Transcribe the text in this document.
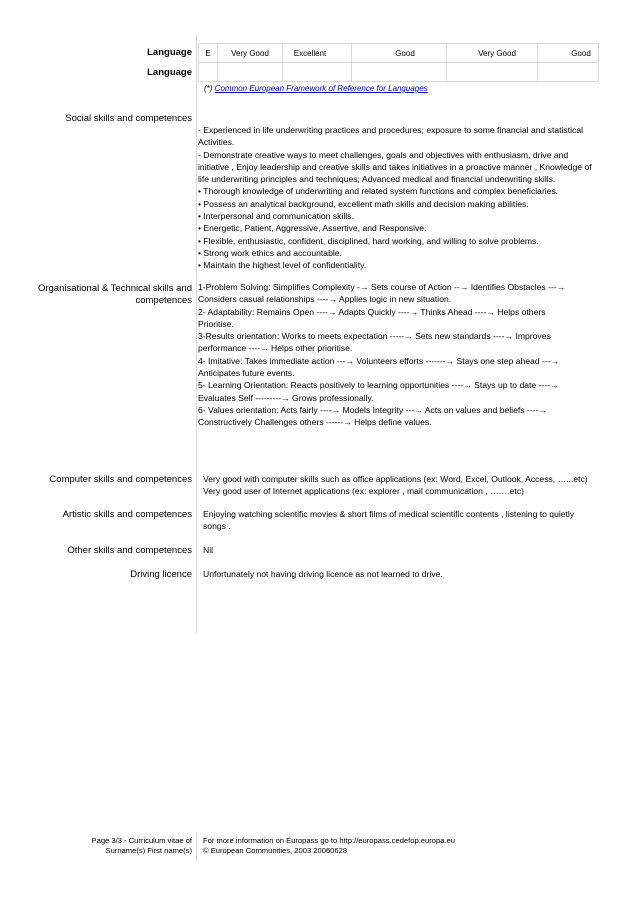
Language
Language
E	Very Good	Excellent			Good			Very Good			Good

(*) Common European Framework of Reference for Languages
Social skills and competences
- Experienced in life underwriting practices and procedures; exposure to some financial and statistical
Activities.
- Demonstrate creative ways to meet challenges, goals and objectives with enthusiasm, drive and
initiative , Enjoy leadership and creative skills and takes initiatives in a proactive manner , Knowledge of
life underwriting principles and techniques; Advanced medical and financial underwriting skills.
• Thorough knowledge of underwriting and related system functions and complex beneficiaries.
• Possess an analytical background, excellent math skills and decision making abilities.
• Interpersonal and communication skills.
• Energetic, Patient, Aggressive, Assertive, and Responsive.
• Flexible, enthusiastic, confident, disciplined, hard working, and willing to solve problems.
• Strong work ethics and accountable.
• Maintain the highest level of confidentiality.
Organisational & Technical skills and
competences
1-Problem Solving: Simplifies Complexity -→ Sets course of Action --→ Identifies Obstacles ---→
Considers casual relationships ----→ Applies logic in new situation.
2- Adaptability: Remains Open ----→ Adapts Quickly ----→ Thinks Ahead ----→ Helps others
Prioritise.
3-Results orientation: Works to meets expectation -----→ Sets new standards ----→ Improves
performance ----→ Helps other prioritise.
4- Imitative: Takes immediate action ---→ Volunteers efforts -------→ Stays one step ahead ---→
Anticipates future events.
5- Learning Orientation: Reacts positively to learning opportunities ----→ Stays up to date ----→
Evaluates Self ---------→ Grows professionally.
6- Values orientation: Acts fairly ----→ Models Integrity ---→ Acts on values and beliefs ----→
Constructively Challenges others ------→ Helps define values.
Computer skills and competences Very good with computer skills such as office applications (ex: Word, Excel, Outlook, Access, …...etc)
Very good user of Internet applications (ex: explorer , mail communication , …….etc)
Artistic skills and competences Enjoying watching scientific movies & short films of medical scientific contents , listening to quietly
songs .
Other skills and competences Nil
Driving licence Unfortunately not having driving licence as not learned to drive.
Page 3/3 - Curriculum vitae of
Surname(s) First name(s)
For more information on Europass go to http://europass.cedefop.europa.eu
© European Communities, 2003 20060628
